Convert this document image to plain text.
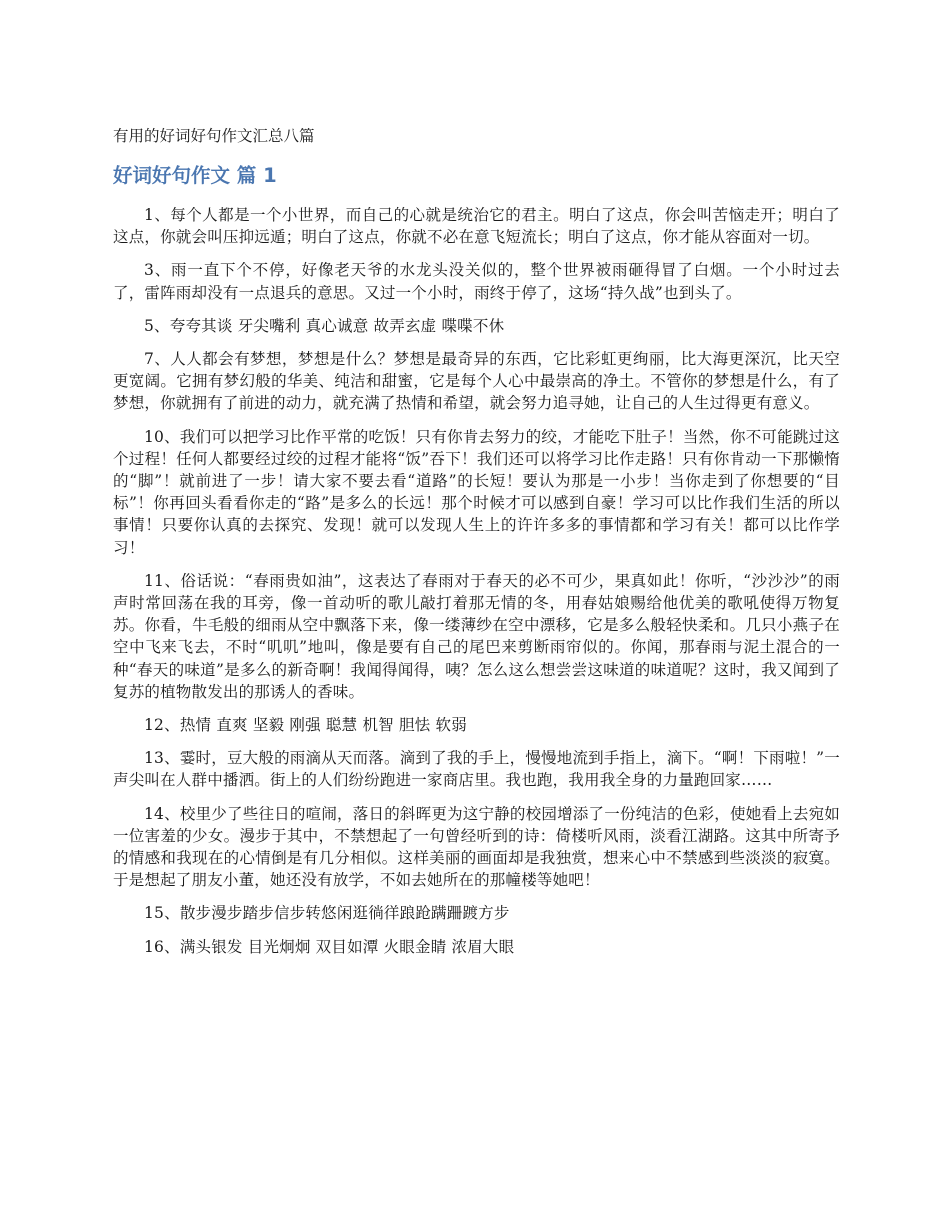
有用的好词好句作文汇总八篇
好词好句作文 篇 1

1、每个人都是一个小世界，而自己的心就是统治它的君主。明白了这点，你会叫苦恼走开；明白了这点，你就会叫压抑远遁；明白了这点，你就不必在意飞短流长；明白了这点，你才能从容面对一切。

3、雨一直下个不停，好像老天爷的水龙头没关似的，整个世界被雨砸得冒了白烟。一个小时过去了，雷阵雨却没有一点退兵的意思。又过一个小时，雨终于停了，这场“持久战”也到头了。

5、夸夸其谈 牙尖嘴利 真心诚意 故弄玄虚 喋喋不休

7、人人都会有梦想，梦想是什么？梦想是最奇异的东西，它比彩虹更绚丽，比大海更深沉，比天空更宽阔。它拥有梦幻般的华美、纯洁和甜蜜，它是每个人心中最崇高的净土。不管你的梦想是什么，有了梦想，你就拥有了前进的动力，就充满了热情和希望，就会努力追寻她，让自己的人生过得更有意义。

10、我们可以把学习比作平常的吃饭！只有你肯去努力的绞，才能吃下肚子！当然，你不可能跳过这个过程！任何人都要经过绞的过程才能将“饭”吞下！我们还可以将学习比作走路！只有你肯动一下那懒惰的“脚”！就前进了一步！请大家不要去看“道路”的长短！要认为那是一小步！当你走到了你想要的“目标”！你再回头看看你走的“路”是多么的长远！那个时候才可以感到自豪！学习可以比作我们生活的所以事情！只要你认真的去探究、发现！就可以发现人生上的许许多多的事情都和学习有关！都可以比作学习！

11、俗话说：“春雨贵如油”，这表达了春雨对于春天的必不可少，果真如此！你听，“沙沙沙”的雨声时常回荡在我的耳旁，像一首动听的歌儿敲打着那无情的冬，用春姑娘赐给他优美的歌吼使得万物复苏。你看，牛毛般的细雨从空中飘落下来，像一缕薄纱在空中漂移，它是多么般轻快柔和。几只小燕子在空中飞来飞去，不时“叽叽”地叫，像是要有自己的尾巴来剪断雨帘似的。你闻，那春雨与泥土混合的一种“春天的味道”是多么的新奇啊！我闻得闻得，咦？怎么这么想尝尝这味道的味道呢？这时，我又闻到了复苏的植物散发出的那诱人的香味。

12、热情 直爽 坚毅 刚强 聪慧 机智 胆怯 软弱

13、霎时，豆大般的雨滴从天而落。滴到了我的手上，慢慢地流到手指上，滴下。“啊！下雨啦！”一声尖叫在人群中播洒。街上的人们纷纷跑进一家商店里。我也跑，我用我全身的力量跑回家……

14、校里少了些往日的喧闹，落日的斜晖更为这宁静的校园增添了一份纯洁的色彩，使她看上去宛如一位害羞的少女。漫步于其中，不禁想起了一句曾经听到的诗：倚楼听风雨，淡看江湖路。这其中所寄予的情感和我现在的心情倒是有几分相似。这样美丽的画面却是我独赏，想来心中不禁感到些淡淡的寂寞。于是想起了朋友小董，她还没有放学，不如去她所在的那幢楼等她吧！

15、散步漫步踏步信步转悠闲逛徜徉踉跄蹒跚踱方步

16、满头银发 目光炯炯 双目如潭 火眼金睛 浓眉大眼
